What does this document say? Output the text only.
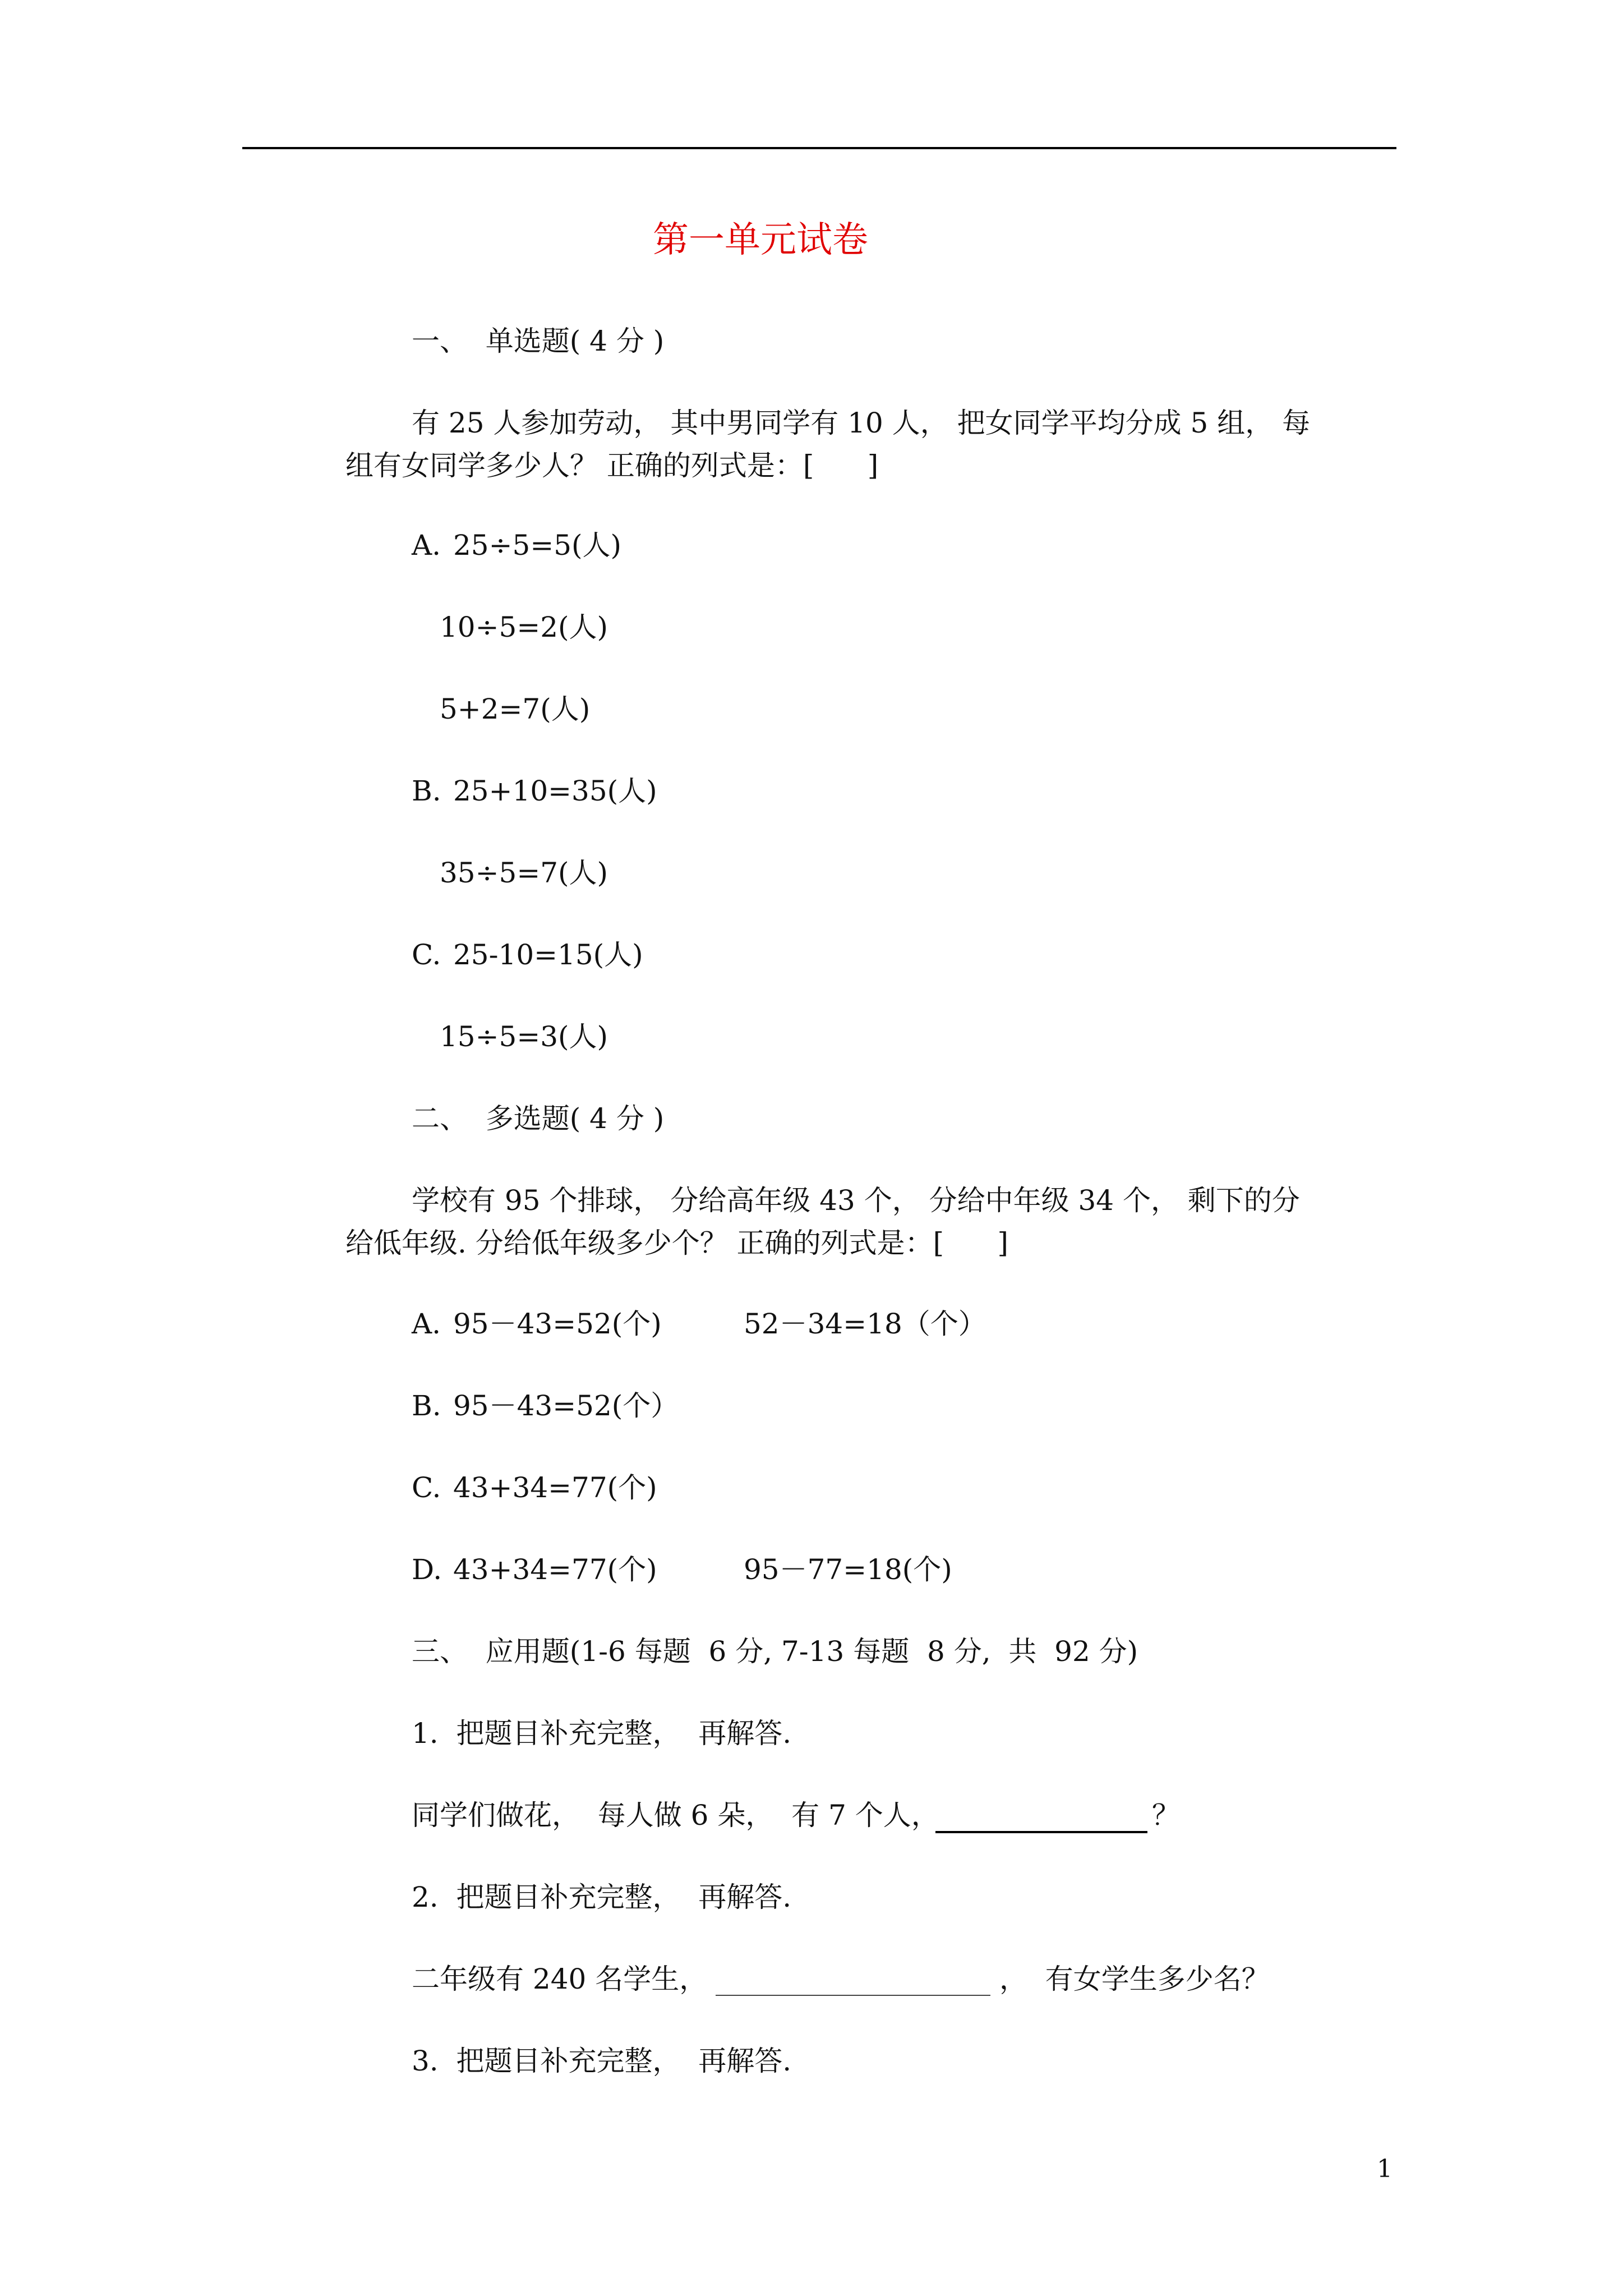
第一单元试卷
一、  单选题( 4 分 )
有 25 人参加劳动， 其中男同学有 10 人， 把女同学平均分成 5 组， 每
组有女同学多少人？ 正确的列式是：[      ]
A. 25÷5=5(人)
10÷5=2(人)
5+2=7(人)
B. 25+10=35(人)
35÷5=7(人)
C. 25-10=15(人)
15÷5=3(人)
二、  多选题( 4 分 )
学校有 95 个排球， 分给高年级 43 个， 分给中年级 34 个， 剩下的分
给低年级. 分给低年级多少个？ 正确的列式是：[      ]
A. 95－43=52(个)	52－34=18（个）
B. 95－43=52(个）
C. 43+34=77(个)
D. 43+34=77(个)	95－77=18(个)
三、  应用题(1-6 每题  6 分, 7-13 每题  8 分,  共  92 分)
1.  把题目补充完整，  再解答.
同学们做花，  每人做 6 朵，  有 7 个人，	？
2.  把题目补充完整，  再解答.
二年级有 240 名学生，	，  有女学生多少名？
3.  把题目补充完整，  再解答.
1
